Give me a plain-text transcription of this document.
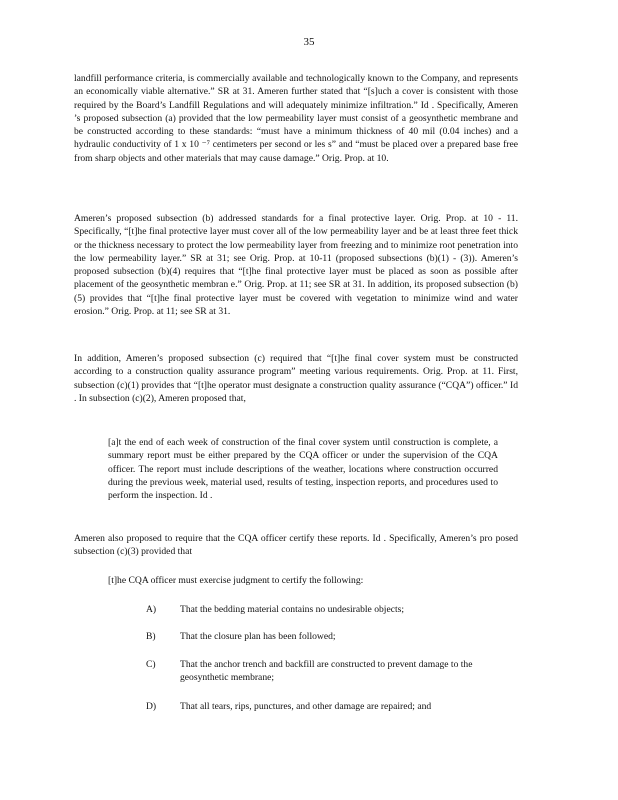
35

landfill performance criteria, is commercially available and technologically known to the Company, and represents an economically viable alternative.” SR at 31. Ameren further stated that “[s]uch a cover is consistent with those required by the Board’s Landfill Regulations and will adequately minimize infiltration.” Id . Specifically, Ameren ’s proposed subsection (a) provided that the low permeability layer must consist of a geosynthetic membrane and be constructed according to these standards: “must have a minimum thickness of 40 mil (0.04 inches) and a hydraulic conductivity of 1 x 10 ⁻⁷ centimeters per second or les s” and “must be placed over a prepared base free from sharp objects and other materials that may cause damage.” Orig. Prop. at 10.

Ameren’s proposed subsection (b) addressed standards for a final protective layer. Orig. Prop. at 10 - 11. Specifically, “[t]he final protective layer must cover all of the low permeability layer and be at least three feet thick or the thickness necessary to protect the low permeability layer from freezing and to minimize root penetration into the low permeability layer.” SR at 31; see Orig. Prop. at 10-11 (proposed subsections (b)(1) - (3)). Ameren’s proposed subsection (b)(4) requires that “[t]he final protective layer must be placed as soon as possible after placement of the geosynthetic membran e.” Orig. Prop. at 11; see SR at 31. In addition, its proposed subsection (b)(5) provides that “[t]he final protective layer must be covered with vegetation to minimize wind and water erosion.” Orig. Prop. at 11; see SR at 31.

In addition, Ameren’s proposed subsection (c) required that “[t]he final cover system must be constructed according to a construction quality assurance program” meeting various requirements. Orig. Prop. at 11. First, subsection (c)(1) provides that “[t]he operator must designate a construction quality assurance (“CQA”) officer.” Id . In subsection (c)(2), Ameren proposed that,

[a]t the end of each week of construction of the final cover system until construction is complete, a summary report must be either prepared by the CQA officer or under the supervision of the CQA officer. The report must include descriptions of the weather, locations where construction occurred during the previous week, material used, results of testing, inspection reports, and procedures used to perform the inspection. Id .

Ameren also proposed to require that the CQA officer certify these reports. Id . Specifically, Ameren’s pro posed subsection (c)(3) provided that

[t]he CQA officer must exercise judgment to certify the following:

A) That the bedding material contains no undesirable objects;
B)	That the closure plan has been followed;
C)	That the anchor trench and backfill are constructed to prevent damage to the geosynthetic membrane;
D) That all tears, rips, punctures, and other damage are repaired; and
